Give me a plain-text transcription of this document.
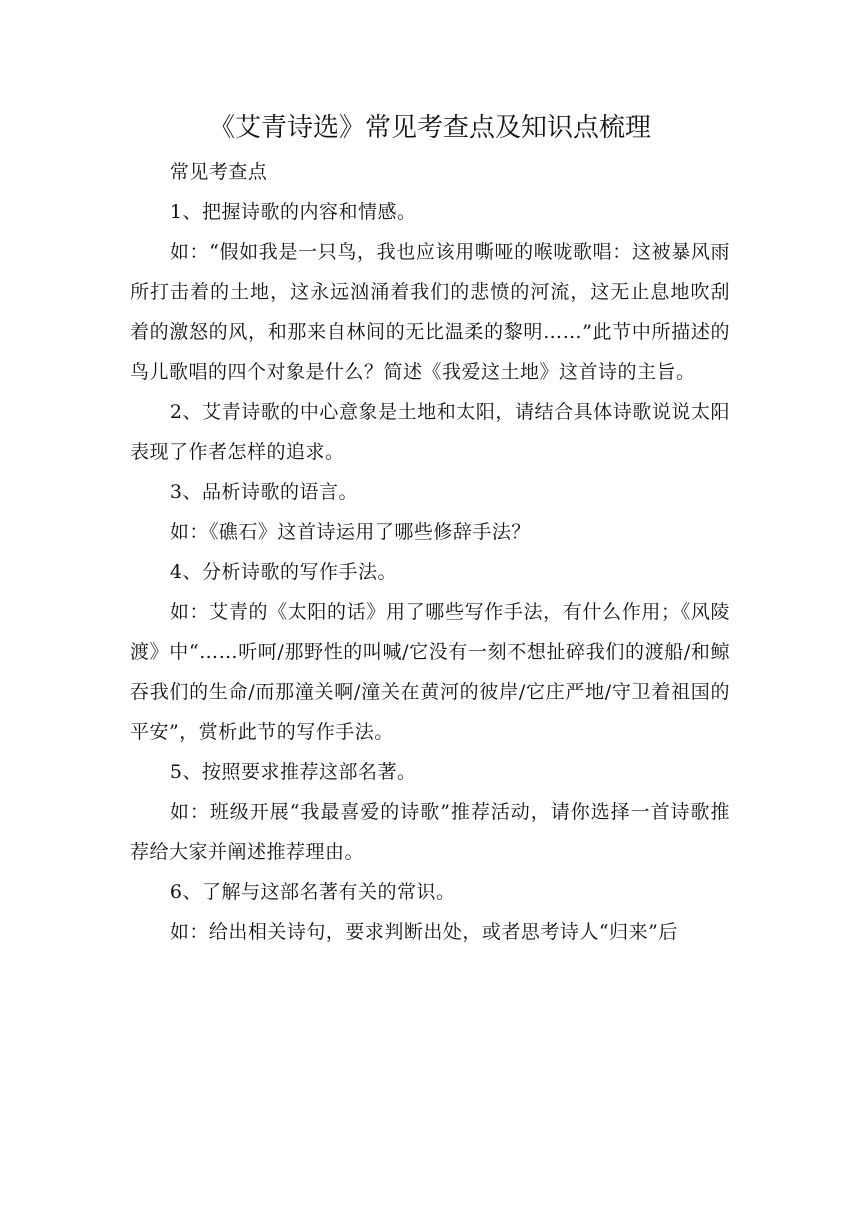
《艾青诗选》常见考查点及知识点梳理

常见考查点

1、把握诗歌的内容和情感。

如：“假如我是一只鸟，我也应该用嘶哑的喉咙歌唱：这被暴风雨所打击着的土地，这永远汹涌着我们的悲愤的河流，这无止息地吹刮着的激怒的风，和那来自林间的无比温柔的黎明……”此节中所描述的鸟儿歌唱的四个对象是什么？简述《我爱这土地》这首诗的主旨。

2、艾青诗歌的中心意象是土地和太阳，请结合具体诗歌说说太阳表现了作者怎样的追求。

3、品析诗歌的语言。

如：《礁石》这首诗运用了哪些修辞手法？

4、分析诗歌的写作手法。

如：艾青的《太阳的话》用了哪些写作手法，有什么作用；《风陵渡》中“……听呵/那野性的叫喊/它没有一刻不想扯碎我们的渡船/和鲸吞我们的生命/而那潼关啊/潼关在黄河的彼岸/它庄严地/守卫着祖国的平安”，赏析此节的写作手法。

5、按照要求推荐这部名著。

如：班级开展“我最喜爱的诗歌”推荐活动，请你选择一首诗歌推荐给大家并阐述推荐理由。

6、了解与这部名著有关的常识。

如：给出相关诗句，要求判断出处，或者思考诗人“归来”后
